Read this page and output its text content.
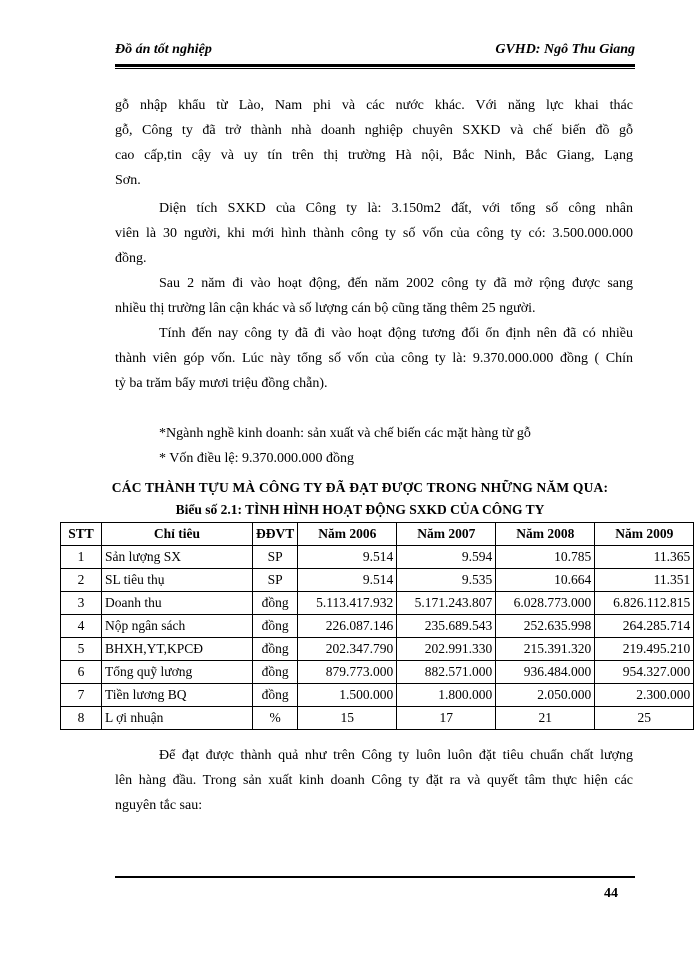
Đồ án tốt nghiệp	GVHD: Ngô Thu Giang

gỗ nhập khẩu từ Lào, Nam phi và các nước khác. Với năng lực khai thác
gỗ, Công ty đã trở thành nhà doanh nghiệp chuyên SXKD và chế biến đồ gỗ
cao cấp,tin cậy và uy tín trên thị trường Hà nội, Bắc Ninh, Bắc Giang, Lạng
Sơn.

Diện tích SXKD của Công ty là: 3.150m2 đất, với tổng số công nhân
viên là 30 người, khi mới hình thành công ty số vốn của công ty có: 3.500.000.000
đồng.

Sau 2 năm đi vào hoạt động, đến năm 2002 công ty đã mở rộng được sang
nhiều thị trường lân cận khác và số lượng cán bộ cũng tăng thêm 25 người.

Tính đến nay công ty đã đi vào hoạt động tương đối ổn định nên đã có nhiều
thành viên góp vốn. Lúc này tổng số vốn của công ty là: 9.370.000.000 đồng ( Chín
tỷ ba trăm bẩy mươi triệu đồng chẵn).

*Ngành nghề kinh doanh: sản xuất và chế biến các mặt hàng từ gỗ

* Vốn điều lệ: 9.370.000.000 đồng

CÁC THÀNH TỰU MÀ CÔNG TY ĐÃ ĐẠT ĐƯỢC TRONG NHỮNG NĂM QUA:

Biểu số 2.1: TÌNH HÌNH HOẠT ĐỘNG SXKD CỦA CÔNG TY

STT	Chỉ tiêu	ĐĐVT	Năm 2006	Năm 2007	Năm 2008	Năm 2009
1	Sản lượng SX	SP	9.514	9.594	10.785	11.365
2	SL tiêu thụ	SP	9.514	9.535	10.664	11.351
3	Doanh thu	đồng	5.113.417.932	5.171.243.807	6.028.773.000	6.826.112.815
4	Nộp ngân sách	đồng	226.087.146	235.689.543	252.635.998	264.285.714
5	BHXH,YT,KPCĐ	đồng	202.347.790	202.991.330	215.391.320	219.495.210
6	Tổng quỹ lương	đồng	879.773.000	882.571.000	936.484.000	954.327.000
7	Tiền lương BQ	đồng	1.500.000	1.800.000	2.050.000	2.300.000
8	L ợi nhuận	%	15	17	21	25

Để đạt được thành quả như trên Công ty luôn luôn đặt tiêu chuẩn chất lượng
lên hàng đầu. Trong sản xuất kinh doanh Công ty đặt ra và quyết tâm thực hiện các
nguyên tắc sau:

44
